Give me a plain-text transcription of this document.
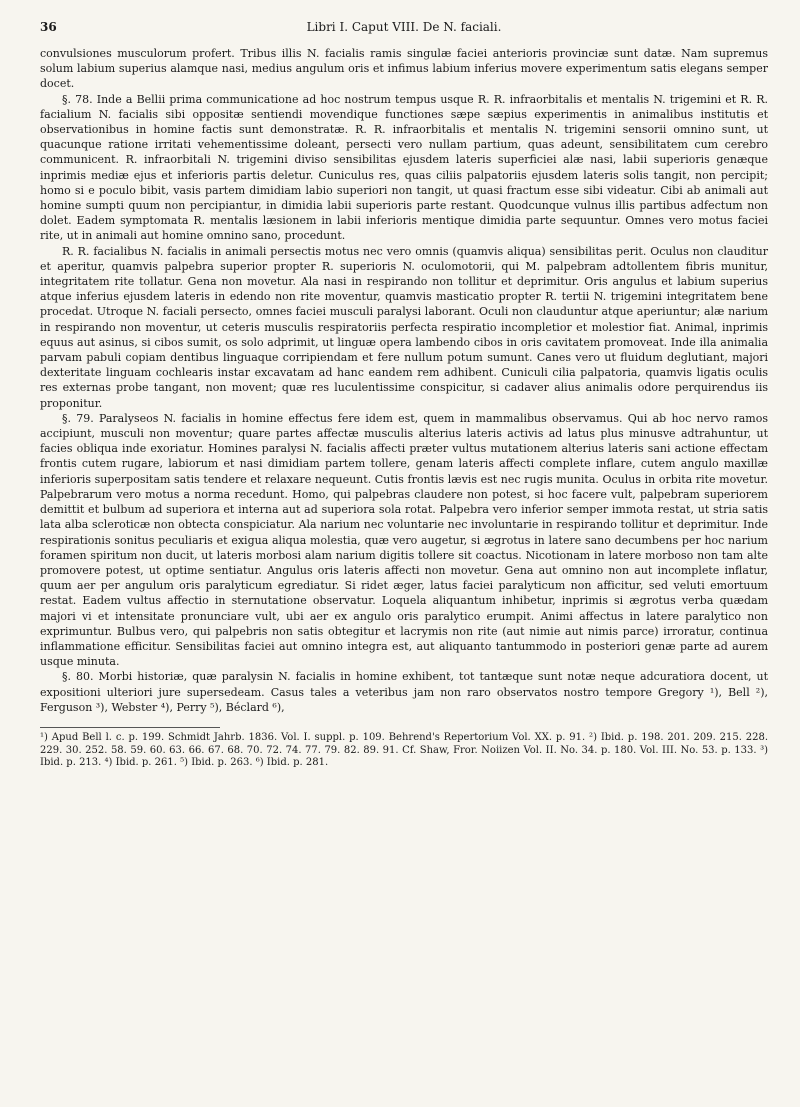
36	Libri I. Caput VIII. De N. faciali.

convulsiones musculorum profert. Tribus illis N. facialis ramis singulæ faciei anterioris provinciæ sunt datæ. Nam supremus solum labium superius alamque nasi, medius angulum oris et infimus labium inferius movere experimentum satis elegans semper docet.

§. 78. Inde a Bellii prima communicatione ad hoc nostrum tempus usque R. R. infraorbitalis et mentalis N. trigemini et R. R. facialium N. facialis sibi oppositæ sentiendi movendique functiones sæpe sæpius experimentis in animalibus institutis et observationibus in homine factis sunt demonstratæ. R. R. infraorbitalis et mentalis N. trigemini sensorii omnino sunt, ut quacunque ratione irritati vehementissime doleant, persecti vero nullam partium, quas adeunt, sensibilitatem cum cerebro communicent. R. infraorbitali N. trigemini diviso sensibilitas ejusdem lateris superficiei alæ nasi, labii superioris genæque inprimis mediæ ejus et inferioris partis deletur. Cuniculus res, quas ciliis palpatoriis ejusdem lateris solis tangit, non percipit; homo si e poculo bibit, vasis partem dimidiam labio superiori non tangit, ut quasi fractum esse sibi videatur. Cibi ab animali aut homine sumpti quum non percipiantur, in dimidia labii superioris parte restant. Quodcunque vulnus illis partibus adfectum non dolet. Eadem symptomata R. mentalis læsionem in labii inferioris mentique dimidia parte sequuntur. Omnes vero motus faciei rite, ut in animali aut homine omnino sano, procedunt.

R. R. facialibus N. facialis in animali persectis motus nec vero omnis (quamvis aliqua) sensibilitas perit. Oculus non clauditur et aperitur, quamvis palpebra superior propter R. superioris N. oculomotorii, qui M. palpebram adtollentem fibris munitur, integritatem rite tollatur. Gena non movetur. Ala nasi in respirando non tollitur et deprimitur. Oris angulus et labium superius atque inferius ejusdem lateris in edendo non rite moventur, quamvis masticatio propter R. tertii N. trigemini integritatem bene procedat. Utroque N. faciali persecto, omnes faciei musculi paralysi laborant. Oculi non clauduntur atque aperiuntur; alæ narium in respirando non moventur, ut ceteris musculis respiratoriis perfecta respiratio incompletior et molestior fiat. Animal, inprimis equus aut asinus, si cibos sumit, os solo adprimit, ut linguæ opera lambendo cibos in oris cavitatem promoveat. Inde illa animalia parvam pabuli copiam dentibus linguaque corripiendam et fere nullum potum sumunt. Canes vero ut fluidum deglutiant, majori dexteritate linguam cochlearis instar excavatam ad hanc eandem rem adhibent. Cuniculi cilia palpatoria, quamvis ligatis oculis res externas probe tangant, non movent; quæ res luculentissime conspicitur, si cadaver alius animalis odore perquirendus iis proponitur.

§. 79. Paralyseos N. facialis in homine effectus fere idem est, quem in mammalibus observamus. Qui ab hoc nervo ramos accipiunt, musculi non moventur; quare partes affectæ musculis alterius lateris activis ad latus plus minusve adtrahuntur, ut facies obliqua inde exoriatur. Homines paralysi N. facialis affecti præter vultus mutationem alterius lateris sani actione effectam frontis cutem rugare, labiorum et nasi dimidiam partem tollere, genam lateris affecti complete inflare, cutem angulo maxillæ inferioris superpositam satis tendere et relaxare nequeunt. Cutis frontis lævis est nec rugis munita. Oculus in orbita rite movetur. Palpebrarum vero motus a norma recedunt. Homo, qui palpebras claudere non potest, si hoc facere vult, palpebram superiorem demittit et bulbum ad superiora et interna aut ad superiora sola rotat. Palpebra vero inferior semper immota restat, ut stria satis lata alba scleroticæ non obtecta conspiciatur. Ala narium nec voluntarie nec involuntarie in respirando tollitur et deprimitur. Inde respirationis sonitus peculiaris et exigua aliqua molestia, quæ vero augetur, si ægrotus in latere sano decumbens per hoc narium foramen spiritum non ducit, ut lateris morbosi alam narium digitis tollere sit coactus. Nicotionam in latere morboso non tam alte promovere potest, ut optime sentiatur. Angulus oris lateris affecti non movetur. Gena aut omnino non aut incomplete inflatur, quum aer per angulum oris paralyticum egrediatur. Si ridet æger, latus faciei paralyticum non afficitur, sed veluti emortuum restat. Eadem vultus affectio in sternutatione observatur. Loquela aliquantum inhibetur, inprimis si ægrotus verba quædam majori vi et intensitate pronunciare vult, ubi aer ex angulo oris paralytico erumpit. Animi affectus in latere paralytico non exprimuntur. Bulbus vero, qui palpebris non satis obtegitur et lacrymis non rite (aut nimie aut nimis parce) irroratur, continua inflammatione efficitur. Sensibilitas faciei aut omnino integra est, aut aliquanto tantummodo in posteriori genæ parte ad aurem usque minuta.

§. 80. Morbi historiæ, quæ paralysin N. facialis in homine exhibent, tot tantæque sunt notæ neque adcuratiora docent, ut expositioni ulteriori jure supersedeam. Casus tales a veteribus jam non raro observatos nostro tempore Gregory ¹), Bell ²), Ferguson ³), Webster ⁴), Perry ⁵), Béclard ⁶),

¹) Apud Bell l. c. p. 199. Schmidt Jahrb. 1836. Vol. I. suppl. p. 109. Behrend's Repertorium Vol. XX. p. 91. ²) Ibid. p. 198. 201. 209. 215. 228. 229. 30. 252. 58. 59. 60. 63. 66. 67. 68. 70. 72. 74. 77. 79. 82. 89. 91. Cf. Shaw, Fror. Noiizen Vol. II. No. 34. p. 180. Vol. III. No. 53. p. 133. ³) Ibid. p. 213. ⁴) Ibid. p. 261. ⁵) Ibid. p. 263. ⁶) Ibid. p. 281.
